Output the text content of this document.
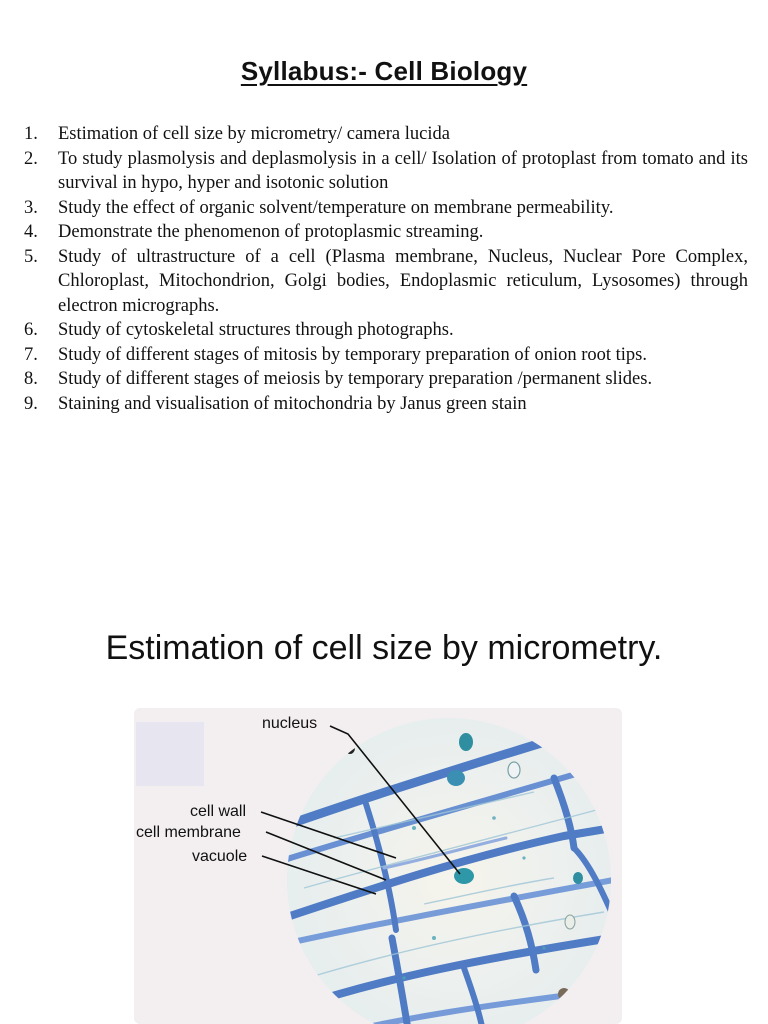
Syllabus:- Cell Biology
1.	Estimation of cell size by micrometry/ camera lucida
2.	To study plasmolysis and deplasmolysis in a cell/ Isolation of protoplast from tomato and its survival in hypo, hyper and isotonic solution
3.	Study the effect of organic solvent/temperature on membrane permeability.
4.	Demonstrate the phenomenon of protoplasmic streaming.
5.	Study of ultrastructure of a cell (Plasma membrane, Nucleus, Nuclear Pore Complex, Chloroplast, Mitochondrion, Golgi bodies, Endoplasmic reticulum, Lysosomes) through electron micrographs.
6.	Study of cytoskeletal structures through photographs.
7.	Study of different stages of mitosis by temporary preparation of onion root tips.
8.	Study of different stages of meiosis by temporary preparation /permanent slides.
9.	Staining and visualisation of mitochondria by Janus green stain
Estimation of cell size by micrometry.
nucleus
cell wall
cell membrane
vacuole
